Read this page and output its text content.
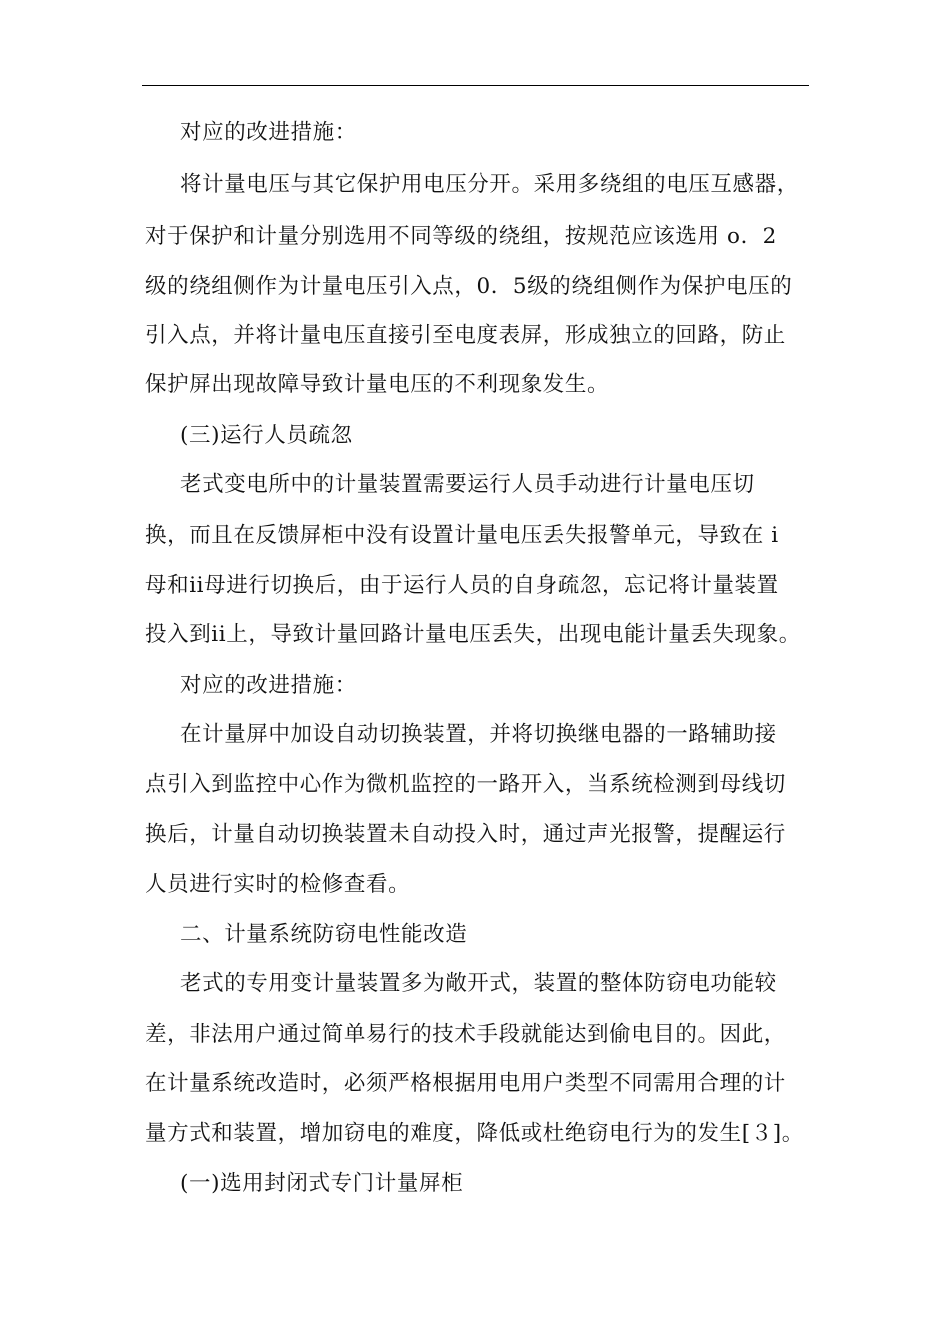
对应的改进措施：

将计量电压与其它保护用电压分开。采用多绕组的电压互感器，

对于保护和计量分别选用不同等级的绕组，按规范应该选用 o．2

级的绕组侧作为计量电压引入点，0．5级的绕组侧作为保护电压的

引入点，并将计量电压直接引至电度表屏，形成独立的回路，防止

保护屏出现故障导致计量电压的不利现象发生。

(三)运行人员疏忽

老式变电所中的计量装置需要运行人员手动进行计量电压切

换，而且在反馈屏柜中没有设置计量电压丢失报警单元，导致在 i

母和ii母进行切换后，由于运行人员的自身疏忽，忘记将计量装置

投入到ii上，导致计量回路计量电压丢失，出现电能计量丢失现象。

对应的改进措施：

在计量屏中加设自动切换装置，并将切换继电器的一路辅助接

点引入到监控中心作为微机监控的一路开入，当系统检测到母线切

换后，计量自动切换装置未自动投入时，通过声光报警，提醒运行

人员进行实时的检修查看。

二、计量系统防窃电性能改造

老式的专用变计量装置多为敞开式，装置的整体防窃电功能较

差，非法用户通过简单易行的技术手段就能达到偷电目的。因此，

在计量系统改造时，必须严格根据用电用户类型不同需用合理的计

量方式和装置，增加窃电的难度，降低或杜绝窃电行为的发生[３]。

(一)选用封闭式专门计量屏柜
